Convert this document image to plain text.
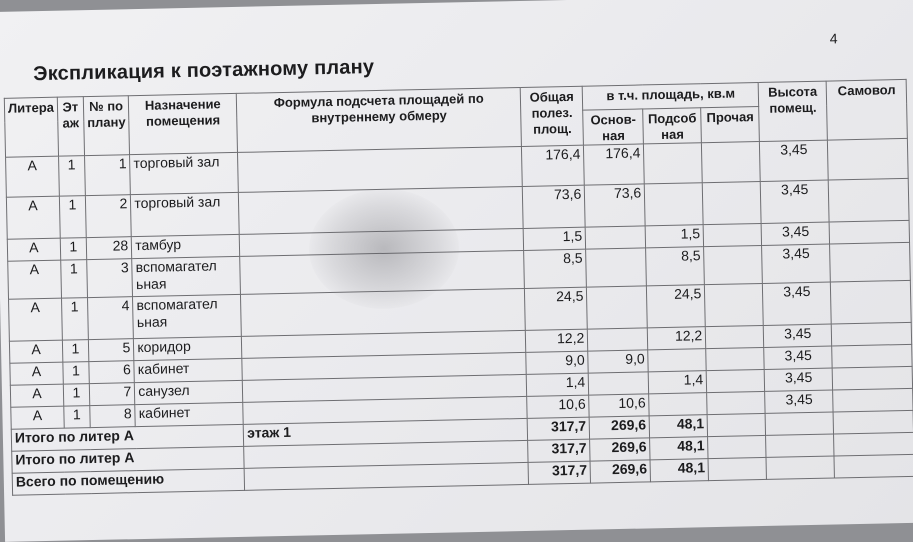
4
Экспликация к поэтажному плану
Литера	Эт аж	№ по плану	Назначение помещения	Формула подсчета площадей по внутреннему обмеру	Общая полез. площ.	в т.ч. площадь, кв.м			Высота помещ.	Самовол
						Основ- ная	Подсоб ная	Прочая		
А	1	1	торговый зал		176,4	176,4			3,45	
А	1	2	торговый зал		73,6	73,6			3,45	
А	1	28	тамбур		1,5		1,5		3,45	
А	1	3	вспомагател ьная		8,5		8,5		3,45	
А	1	4	вспомагател ьная		24,5		24,5		3,45	
А	1	5	коридор		12,2		12,2		3,45	
А	1	6	кабинет		9,0	9,0			3,45	
А	1	7	санузел		1,4		1,4		3,45	
А	1	8	кабинет		10,6	10,6			3,45	
Итого по литер А				этаж 1	317,7	269,6	48,1			
Итого по литер А					317,7	269,6	48,1			
Всего по помещению					317,7	269,6	48,1			
